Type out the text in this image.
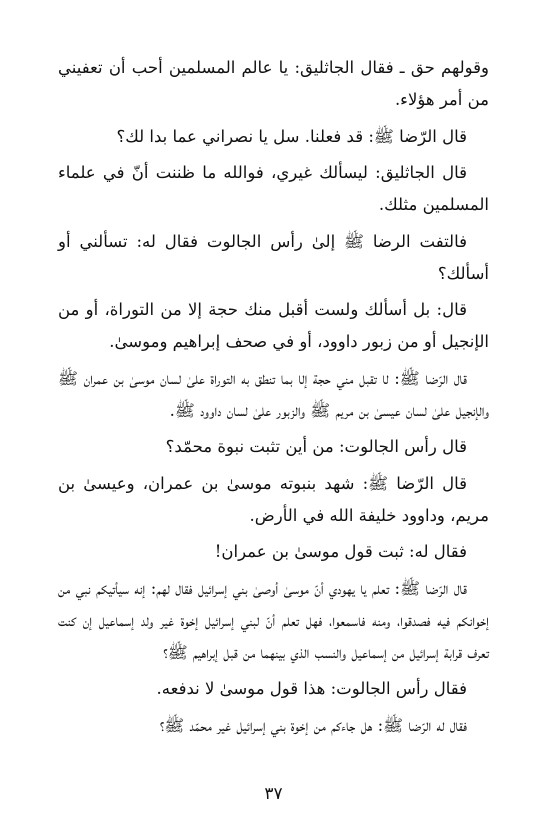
وقولهم حق ـ فقال الجاثليق: يا عالم المسلمين أحب أن تعفيني من أمر هؤلاء.

قال الرّضا ﷺ: قد فعلنا. سل يا نصراني عما بدا لك؟

قال الجاثليق: ليسألك غيري، فوالله ما ظننت أنّ في علماء المسلمين مثلك.

فالتفت الرضا ﷺ إلىٰ رأس الجالوت فقال له: تسألني أو أسألك؟

قال: بل أسألك ولست أقبل منك حجة إلا من التوراة، أو من الإنجيل أو من زبور داوود، أو في صحف إبراهيم وموسىٰ.

قال الرّضا ﷺ: لا تقبل مني حجة إلا بما تنطق به التوراة علىٰ لسان موسىٰ بن عمران ﷺ والإنجيل علىٰ لسان عيسىٰ بن مريم ﷺ والزبور علىٰ لسان داوود ﷺ.

قال رأس الجالوت: من أين تثبت نبوة محمّد؟

قال الرّضا ﷺ: شهد بنبوته موسىٰ بن عمران، وعيسىٰ بن مريم، وداوود خليفة الله في الأرض.

فقال له: ثبت قول موسىٰ بن عمران!

قال الرّضا ﷺ: تعلم يا يهودي أنّ موسىٰ أوصىٰ بني إسرائيل فقال لهم: إنه سيأتيكم نبي من إخوانكم فيه فصدقوا، ومنه فاسمعوا، فهل تعلم أنّ لبني إسرائيل إخوة غير ولد إسماعيل إن كنت تعرف قرابة إسرائيل من إسماعيل والنسب الذي بينهما من قبل إبراهيم ﷺ؟

فقال رأس الجالوت: هذا قول موسىٰ لا ندفعه.

فقال له الرّضا ﷺ: هل جاءكم من إخوة بني إسرائيل غير محمّد ﷺ؟

٣٧
